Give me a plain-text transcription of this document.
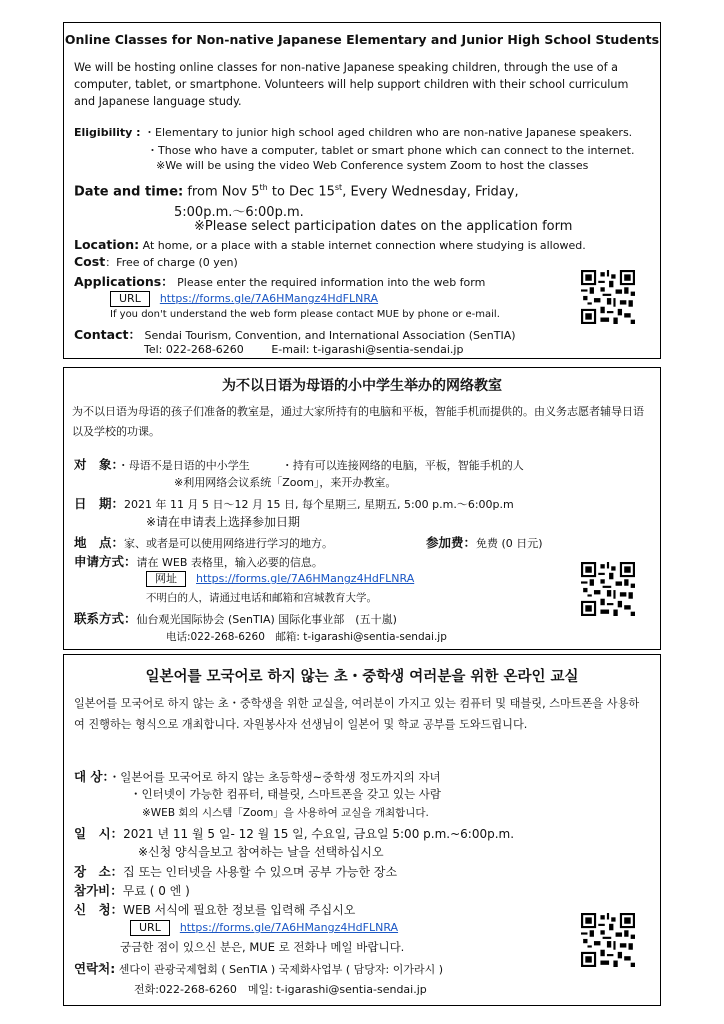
Online Classes for Non-native Japanese Elementary and Junior High School Students
We will be hosting online classes for non-native Japanese speaking children, through the use of a computer, tablet, or smartphone. Volunteers will help support children with their school curriculum and Japanese language study.
Eligibility : ・Elementary to junior high school aged children who are non-native Japanese speakers.
・Those who have a computer, tablet or smart phone which can connect to the internet.
※We will be using the video Web Conference system Zoom to host the classes
Date and time: from Nov 5th to Dec 15st, Every Wednesday, Friday,
5:00p.m.～6:00p.m.
※Please select participation dates on the application form
Location: At home, or a place with a stable internet connection where studying is allowed.
Cost：Free of charge (0 yen)
Applications： Please enter the required information into the web form
URL https://forms.gle/7A6HMangz4HdFLNRA
If you don't understand the web form please contact MUE by phone or e-mail.
Contact： Sendai Tourism, Convention, and International Association (SenTIA)
Tel: 022-268-6260	E-mail: t-igarashi@sentia-sendai.jp
为不以日语为母语的小中学生举办的网络教室
为不以日语为母语的孩子们准备的教室是，通过大家所持有的电脑和平板，智能手机而提供的。由义务志愿者辅导日语以及学校的功课。
对　象：・母语不是日语的中小学生	・持有可以连接网络的电脑，平板，智能手机的人
※利用网络会议系统「Zoom」，来开办教室。
日　期：2021 年 11 月 5 日～12 月 15 日, 每个星期三, 星期五, 5:00 p.m.～6:00p.m
※请在申请表上选择参加日期
地　点：家、或者是可以使用网络进行学习的地方。	参加费：免费 (0 日元)
申请方式：请在 WEB 表格里，输入必要的信息。
网址 https://forms.gle/7A6HMangz4HdFLNRA
不明白的人，请通过电话和邮箱和宫城教育大学。
联系方式：仙台观光国际协会 (SenTIA) 国际化事业部　(五十嵐)
电话:022-268-6260　邮箱: t-igarashi@sentia-sendai.jp
일본어를 모국어로 하지 않는 초・중학생 여러분을 위한 온라인 교실
일본어를 모국어로 하지 않는 초・중학생을 위한 교실을, 여러분이 가지고 있는 컴퓨터 및 태블릿, 스마트폰을 사용하여 진행하는 형식으로 개최합니다. 자원봉사자 선생님이 일본어 및 학교 공부를 도와드립니다.
대 상：・일본어를 모국어로 하지 않는 초등학생~중학생 정도까지의 자녀
・인터넷이 가능한 컴퓨터, 태블릿, 스마트폰을 갖고 있는 사람
※WEB 회의 시스템「Zoom」을 사용하여 교실을 개최합니다.
일　시：2021 년 11 월 5 일- 12 월 15 일, 수요일, 금요일 5:00 p.m.~6:00p.m.
※신청 양식을보고 참여하는 날을 선택하십시오
장　소：집 또는 인터넷을 사용할 수 있으며 공부 가능한 장소
참가비：무료 ( 0 엔 )
신　청：WEB 서식에 필요한 정보를 입력해 주십시오
URL https://forms.gle/7A6HMangz4HdFLNRA
궁금한 점이 있으신 분은, MUE 로 전화나 메일 바랍니다.
연락처: 센다이 관광국제협회 ( SenTIA ) 국제화사업부 ( 담당자: 이가라시 )
전화:022-268-6260　메일: t-igarashi@sentia-sendai.jp
